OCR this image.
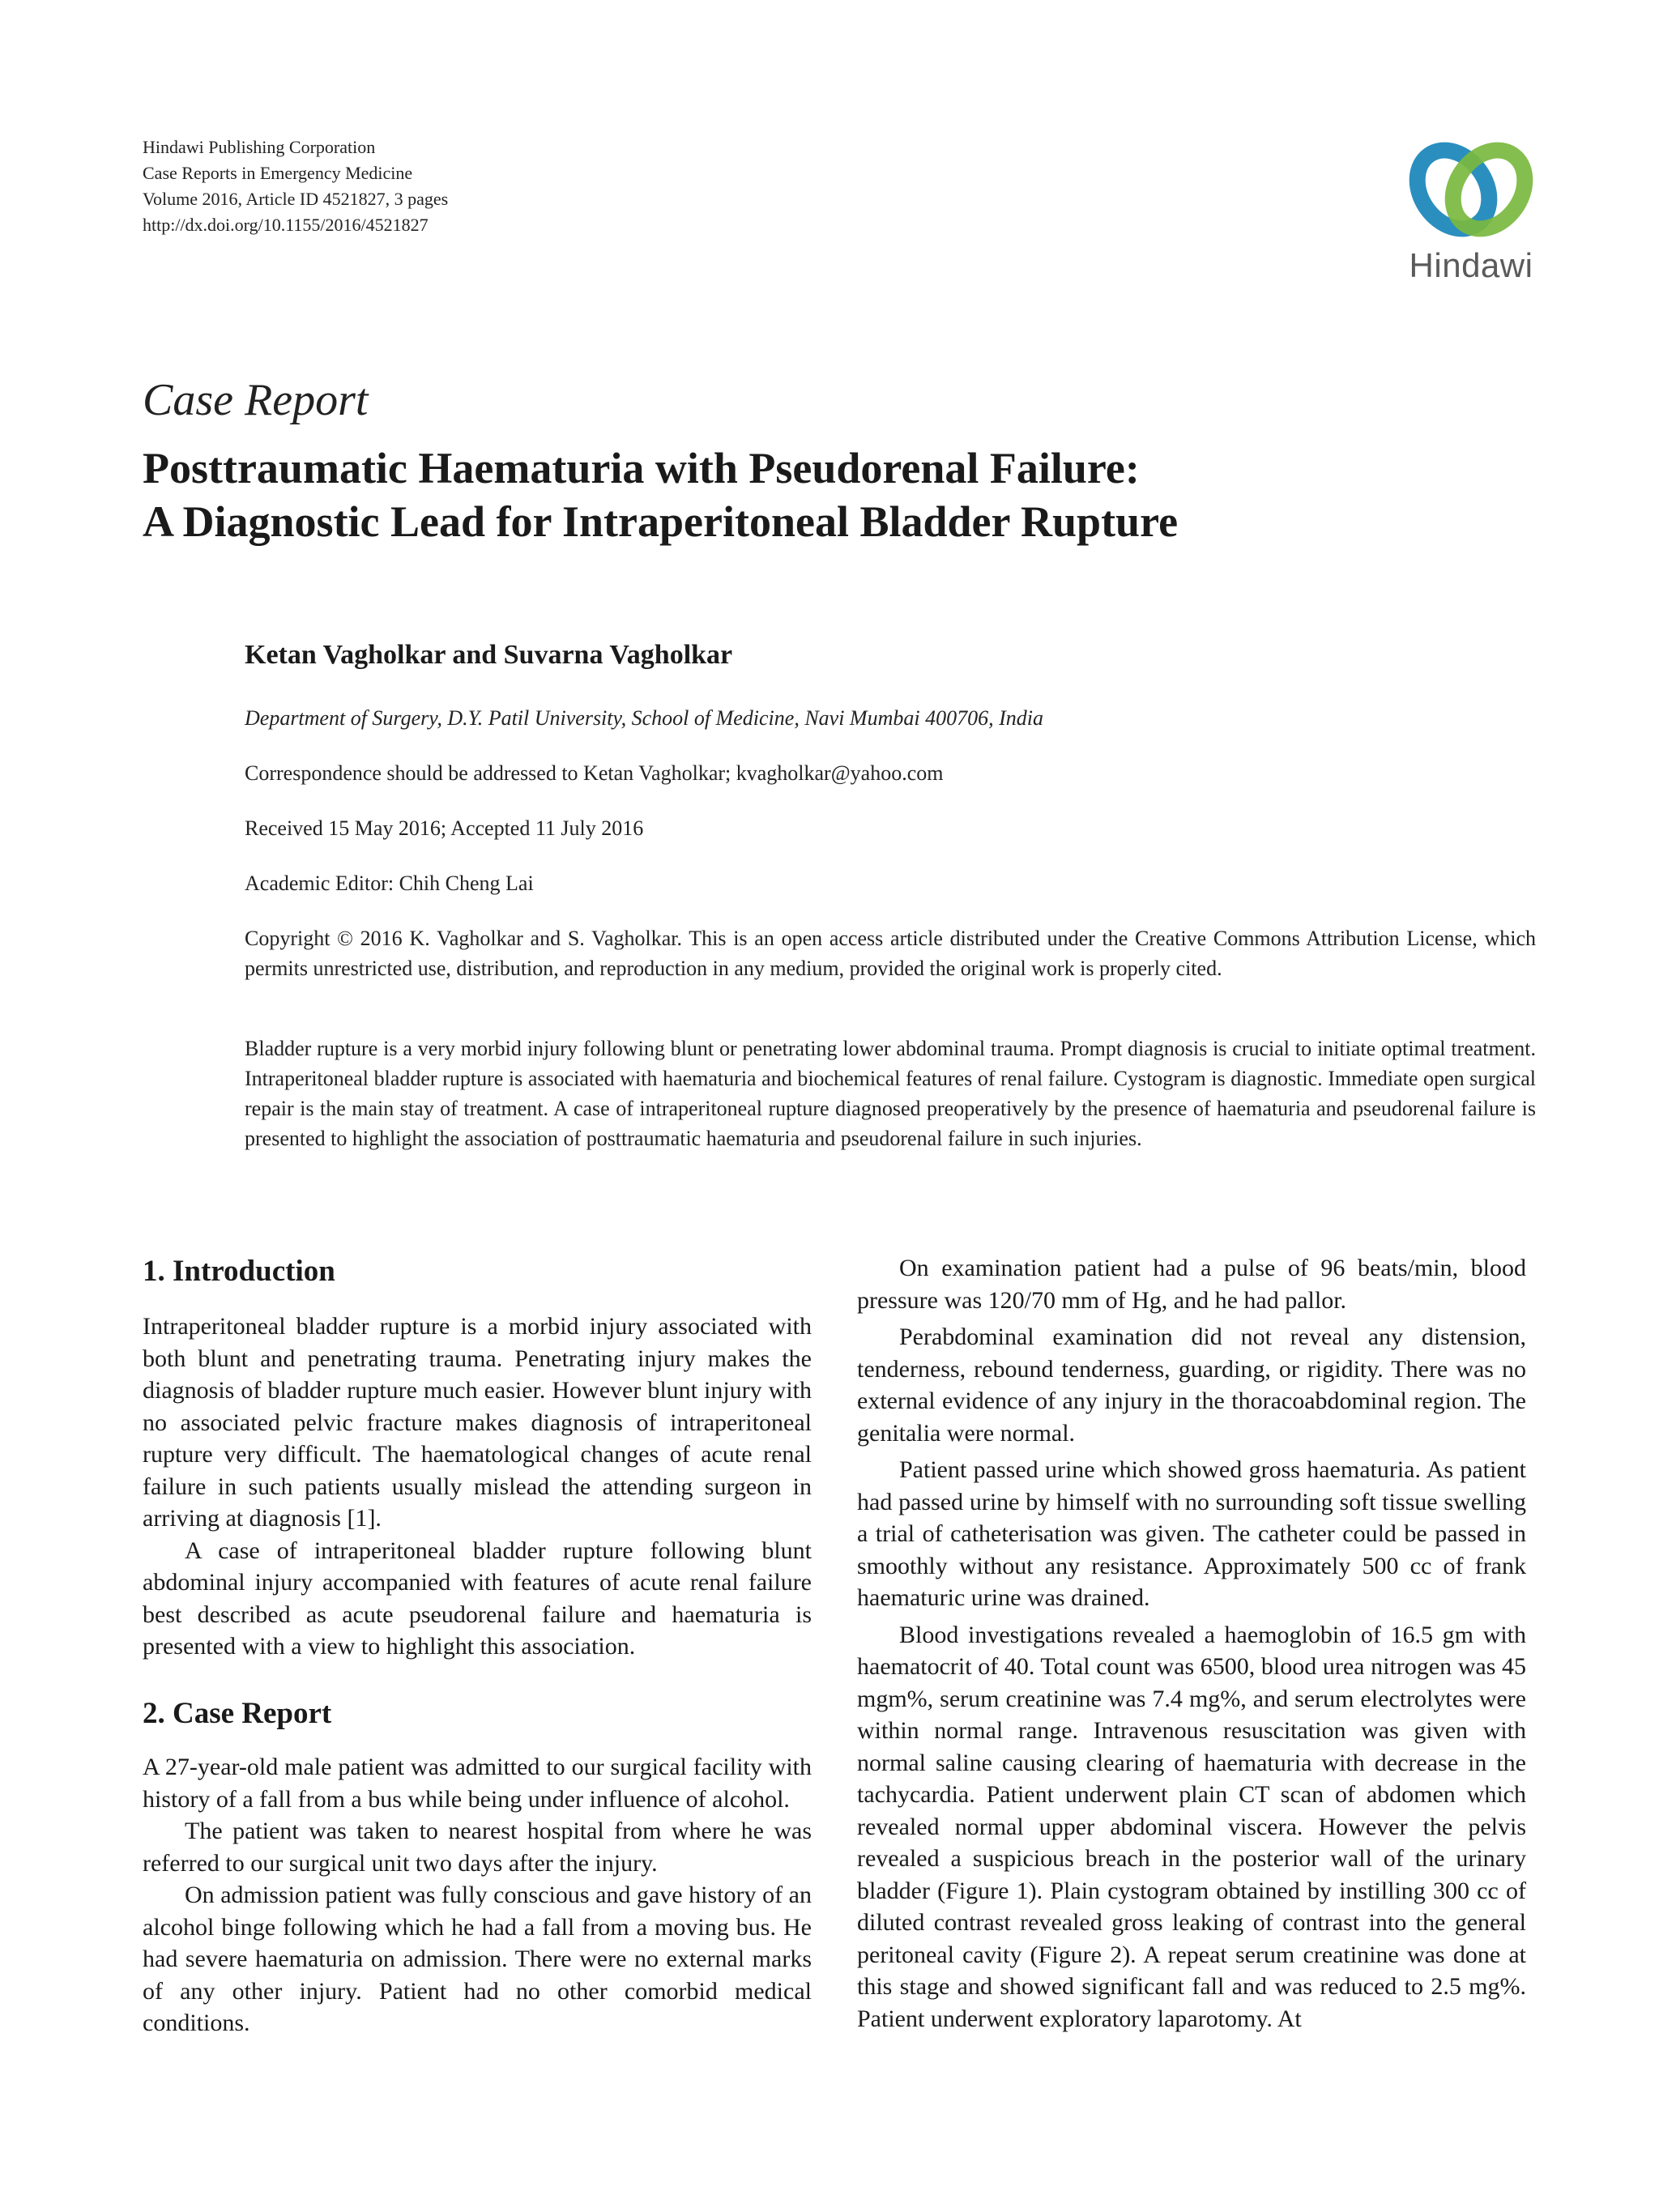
Hindawi Publishing Corporation
Case Reports in Emergency Medicine
Volume 2016, Article ID 4521827, 3 pages
http://dx.doi.org/10.1155/2016/4521827
Hindawi
Case Report
Posttraumatic Haematuria with Pseudorenal Failure:
A Diagnostic Lead for Intraperitoneal Bladder Rupture
Ketan Vagholkar and Suvarna Vagholkar
Department of Surgery, D.Y. Patil University, School of Medicine, Navi Mumbai 400706, India
Correspondence should be addressed to Ketan Vagholkar; kvagholkar@yahoo.com
Received 15 May 2016; Accepted 11 July 2016
Academic Editor: Chih Cheng Lai
Copyright © 2016 K. Vagholkar and S. Vagholkar. This is an open access article distributed under the Creative Commons Attribution License, which permits unrestricted use, distribution, and reproduction in any medium, provided the original work is properly cited.
Bladder rupture is a very morbid injury following blunt or penetrating lower abdominal trauma. Prompt diagnosis is crucial to initiate optimal treatment. Intraperitoneal bladder rupture is associated with haematuria and biochemical features of renal failure. Cystogram is diagnostic. Immediate open surgical repair is the main stay of treatment. A case of intraperitoneal rupture diagnosed preoperatively by the presence of haematuria and pseudorenal failure is presented to highlight the association of posttraumatic haematuria and pseudorenal failure in such injuries.
1. Introduction
2. Case Report

Intraperitoneal bladder rupture is a morbid injury associated with both blunt and penetrating trauma. Penetrating injury makes the diagnosis of bladder rupture much easier. However blunt injury with no associated pelvic fracture makes diagnosis of intraperitoneal rupture very difficult. The haematological changes of acute renal failure in such patients usually mislead the attending surgeon in arriving at diagnosis [1].

A case of intraperitoneal bladder rupture following blunt abdominal injury accompanied with features of acute renal failure best described as acute pseudorenal failure and haematuria is presented with a view to highlight this association.

A 27-year-old male patient was admitted to our surgical facility with history of a fall from a bus while being under influence of alcohol.

The patient was taken to nearest hospital from where he was referred to our surgical unit two days after the injury.

On admission patient was fully conscious and gave history of an alcohol binge following which he had a fall from a moving bus. He had severe haematuria on admission. There were no external marks of any other injury. Patient had no other comorbid medical conditions.

On examination patient had a pulse of 96 beats/min, blood pressure was 120/70 mm of Hg, and he had pallor.

Perabdominal examination did not reveal any distension, tenderness, rebound tenderness, guarding, or rigidity. There was no external evidence of any injury in the thoracoabdominal region. The genitalia were normal.

Patient passed urine which showed gross haematuria. As patient had passed urine by himself with no surrounding soft tissue swelling a trial of catheterisation was given. The catheter could be passed in smoothly without any resistance. Approximately 500 cc of frank haematuric urine was drained.

Blood investigations revealed a haemoglobin of 16.5 gm with haematocrit of 40. Total count was 6500, blood urea nitrogen was 45 mgm%, serum creatinine was 7.4 mg%, and serum electrolytes were within normal range. Intravenous resuscitation was given with normal saline causing clearing of haematuria with decrease in the tachycardia. Patient underwent plain CT scan of abdomen which revealed normal upper abdominal viscera. However the pelvis revealed a suspicious breach in the posterior wall of the urinary bladder (Figure 1). Plain cystogram obtained by instilling 300 cc of diluted contrast revealed gross leaking of contrast into the general peritoneal cavity (Figure 2). A repeat serum creatinine was done at this stage and showed significant fall and was reduced to 2.5 mg%. Patient underwent exploratory laparotomy. At
